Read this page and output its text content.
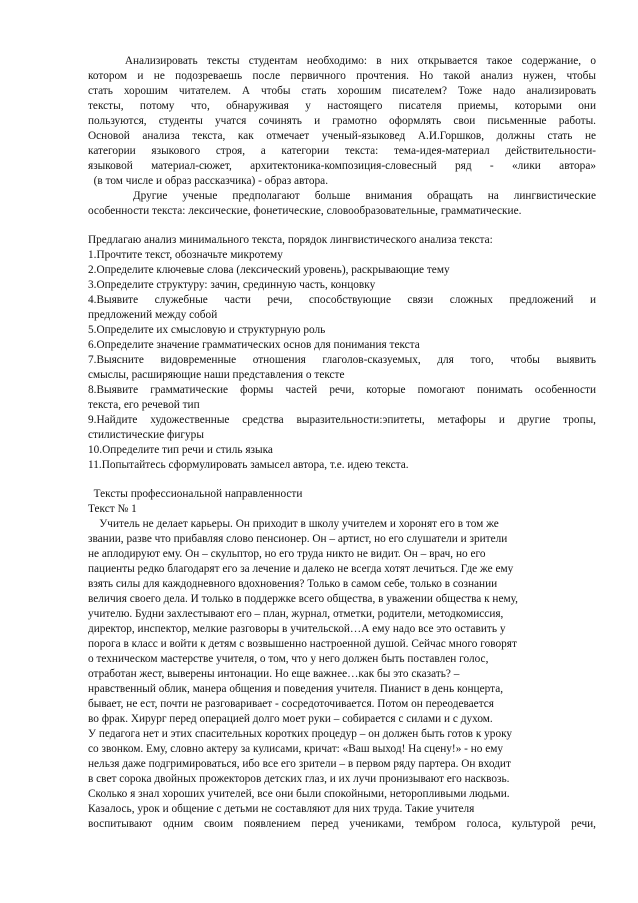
Анализировать тексты студентам необходимо: в них открывается такое содержание, о
котором и не подозреваешь после первичного прочтения. Но такой анализ нужен, чтобы
стать хорошим читателем. А чтобы стать хорошим писателем? Тоже надо анализировать
тексты, потому что, обнаруживая у настоящего писателя приемы, которыми они
пользуются, студенты учатся сочинять и грамотно оформлять свои письменные работы.
Основой анализа текста, как отмечает ученый-языковед А.И.Горшков, должны стать не
категории языкового строя, а категории текста: тема-идея-материал действительности-
языковой материал-сюжет, архитектоника-композиция-словесный ряд - «лики автора»
(в том числе и образ рассказчика) - образ автора.
Другие ученые предполагают больше внимания обращать на лингвистические
особенности текста: лексические, фонетические, словообразовательные, грамматические.
Предлагаю анализ минимального текста, порядок лингвистического анализа текста:
1.Прочтите текст, обозначьте микротему
2.Определите ключевые слова (лексический уровень), раскрывающие тему
3.Определите структуру: зачин, срединную часть, концовку
4.Выявите служебные части речи, способствующие связи сложных предложений и
предложений между собой
5.Определите их смысловую и структурную роль
6.Определите значение грамматических основ для понимания текста
7.Выясните видовременные отношения глаголов-сказуемых, для того, чтобы выявить
смыслы, расширяющие наши представления о тексте
8.Выявите грамматические формы частей речи, которые помогают понимать особенности
текста, его речевой тип
9.Найдите художественные средства выразительности:эпитеты, метафоры и другие тропы,
стилистические фигуры
10.Определите тип речи и стиль языка
11.Попытайтесь сформулировать замысел автора, т.е. идею текста.
Тексты профессиональной направленности
Текст № 1
Учитель не делает карьеры. Он приходит в школу учителем и хоронят его в том же
звании, разве что прибавляя слово пенсионер. Он – артист, но его слушатели и зрители
не аплодируют ему. Он – скульптор, но его труда никто не видит. Он – врач, но его
пациенты редко благодарят его за лечение и далеко не всегда хотят лечиться. Где же ему
взять силы для каждодневного вдохновения? Только в самом себе, только в сознании
величия своего дела. И только в поддержке всего общества, в уважении общества к нему,
учителю. Будни захлестывают его – план, журнал, отметки, родители, методкомиссия,
директор, инспектор, мелкие разговоры в учительской…А ему надо все это оставить у
порога в класс и войти к детям с возвышенно настроенной душой. Сейчас много говорят
о техническом мастерстве учителя, о том, что у него должен быть поставлен голос,
отработан жест, выверены интонации. Но еще важнее…как бы это сказать? –
нравственный облик, манера общения и поведения учителя. Пианист в день концерта,
бывает, не ест, почти не разговаривает - сосредоточивается. Потом он переодевается
во фрак. Хирург перед операцией долго моет руки – собирается с силами и с духом.
У педагога нет и этих спасительных коротких процедур – он должен быть готов к уроку
со звонком. Ему, словно актеру за кулисами, кричат: «Ваш выход! На сцену!» - но ему
нельзя даже подгримироваться, ибо все его зрители – в первом ряду партера. Он входит
в свет сорока двойных прожекторов детских глаз, и их лучи пронизывают его насквозь.
Сколько я знал хороших учителей, все они были спокойными, неторопливыми людьми.
Казалось, урок и общение с детьми не составляют для них труда. Такие учителя
воспитывают одним своим появлением перед учениками, тембром голоса, культурой речи,
